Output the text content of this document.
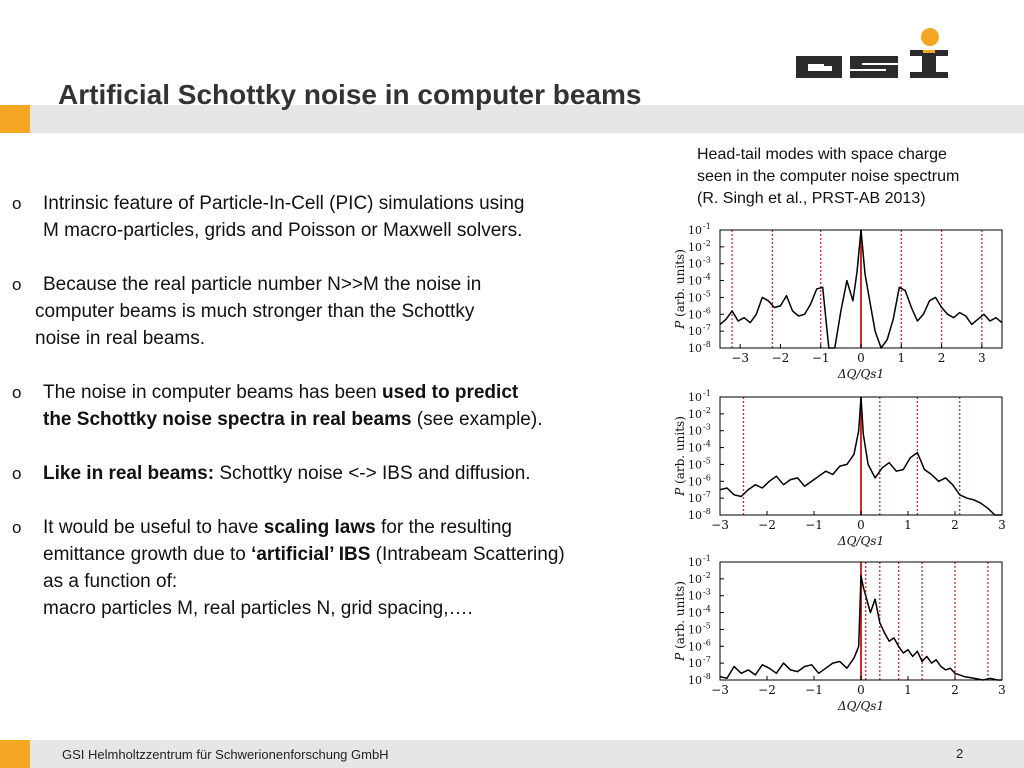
Artificial Schottky noise in computer beams
Head-tail modes with space charge
seen in the computer noise spectrum
(R. Singh et al., PRST-AB 2013)
o Intrinsic feature of Particle-In-Cell (PIC) simulations using
M macro-particles, grids and Poisson or Maxwell solvers.
o Because the real particle number N>>M the noise in
computer beams is much stronger than the Schottky
noise in real beams.
o The noise in computer beams has been used to predict
the Schottky noise spectra in real beams (see example).
o Like in real beams: Schottky noise <-> IBS and diffusion.
o It would be useful to have scaling laws for the resulting
emittance growth due to ‘artificial’ IBS (Intrabeam Scattering)
as a function of:
macro particles M, real particles N, grid spacing,….
−3 −2 −1 0	1	2	3
10 -1
10 -2
10 -3
10 -4
10 -5
10 -6
10 -7
10 -8
P (arb. units)
ΔQ/Qs1
−3 −2 −1	0	1	2	3
10 -1
10 -2
10 -3
10 -4
10 -5
10 -6
10 -7
10 -8
P (arb. units)
ΔQ/Qs1
−3 −2 −1	0	1	2	3
10 -1
10 -2
10 -3
10 -4
10 -5
10 -6
10 -7
10 -8
P (arb. units)
ΔQ/Qs1
GSI Helmholtzzentrum für Schwerionenforschung GmbH	2
